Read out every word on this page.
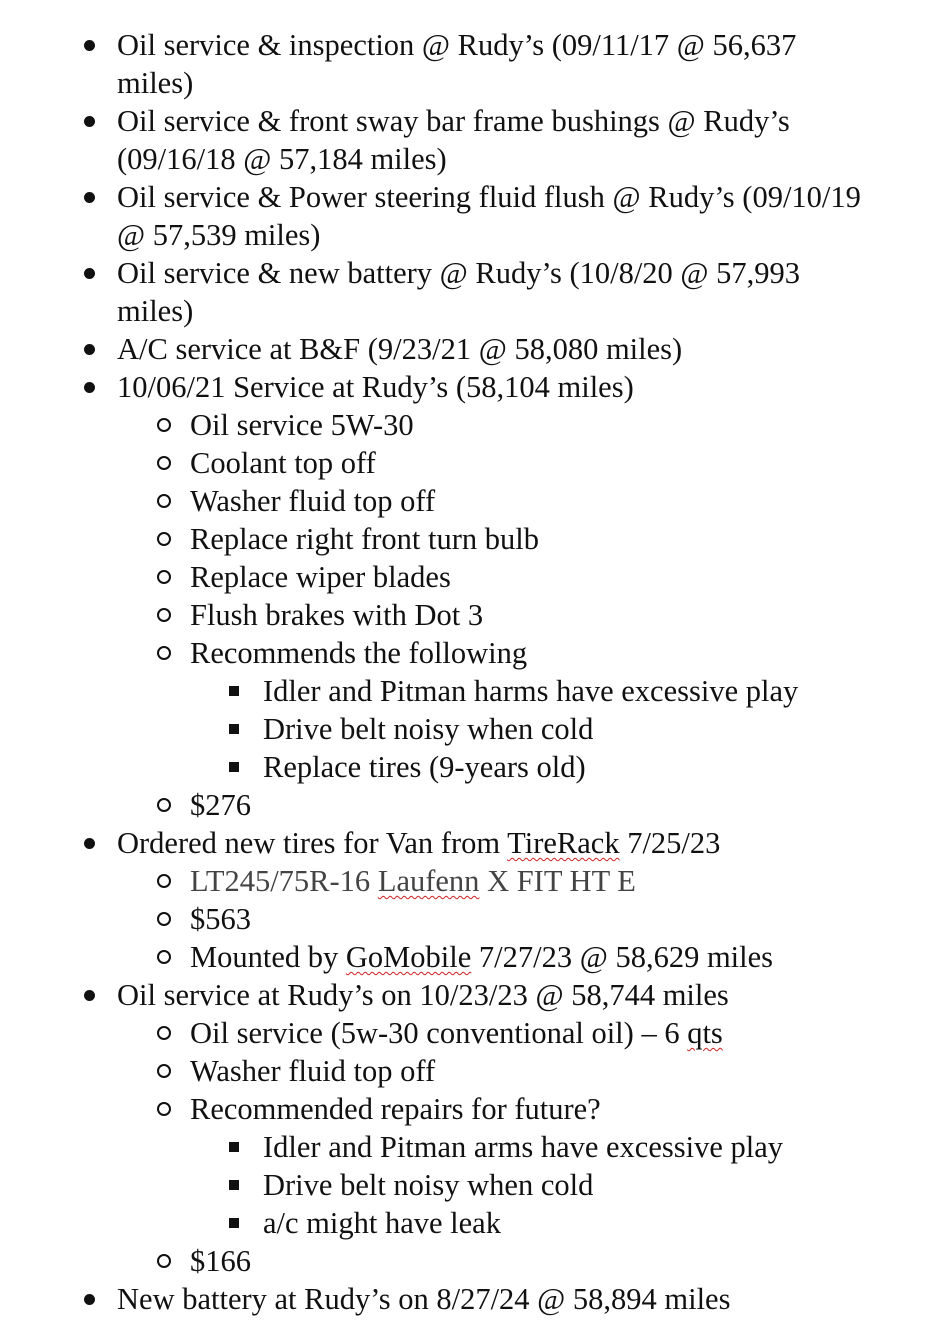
Oil service & inspection @ Rudy’s (09/11/17 @ 56,637
miles)
Oil service & front sway bar frame bushings @ Rudy’s
(09/16/18 @ 57,184 miles)
Oil service & Power steering fluid flush @ Rudy’s (09/10/19
@ 57,539 miles)
Oil service & new battery @ Rudy’s (10/8/20 @ 57,993
miles)
A/C service at B&F (9/23/21 @ 58,080 miles)
10/06/21 Service at Rudy’s (58,104 miles)
Oil service 5W-30
Coolant top off
Washer fluid top off
Replace right front turn bulb
Replace wiper blades
Flush brakes with Dot 3
Recommends the following
Idler and Pitman harms have excessive play
Drive belt noisy when cold
Replace tires (9-years old)
$276
Ordered new tires for Van from TireRack 7/25/23
LT245/75R-16 Laufenn X FIT HT E
$563
Mounted by GoMobile 7/27/23 @ 58,629 miles
Oil service at Rudy’s on 10/23/23 @ 58,744 miles
Oil service (5w-30 conventional oil) – 6 qts
Washer fluid top off
Recommended repairs for future?
Idler and Pitman arms have excessive play
Drive belt noisy when cold
a/c might have leak
$166
New battery at Rudy’s on 8/27/24 @ 58,894 miles
